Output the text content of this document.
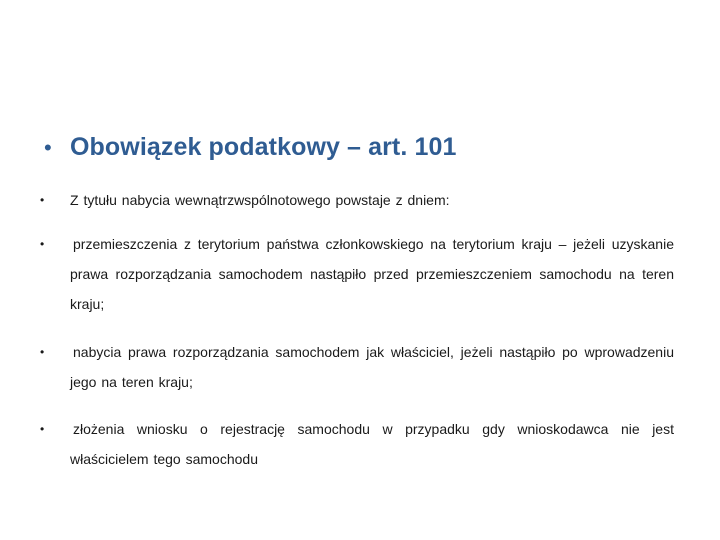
• Obowiązek podatkowy – art. 101
•	Z tytułu nabycia wewnątrzwspólnotowego powstaje z dniem:
•	przemieszczenia z terytorium państwa członkowskiego na terytorium kraju – jeżeli uzyskanie prawa rozporządzania samochodem nastąpiło przed przemieszczeniem samochodu na teren kraju;
•	nabycia prawa rozporządzania samochodem jak właściciel, jeżeli nastąpiło po wprowadzeniu jego na teren kraju;
•	złożenia wniosku o rejestrację samochodu w przypadku gdy wnioskodawca nie jest właścicielem tego samochodu
